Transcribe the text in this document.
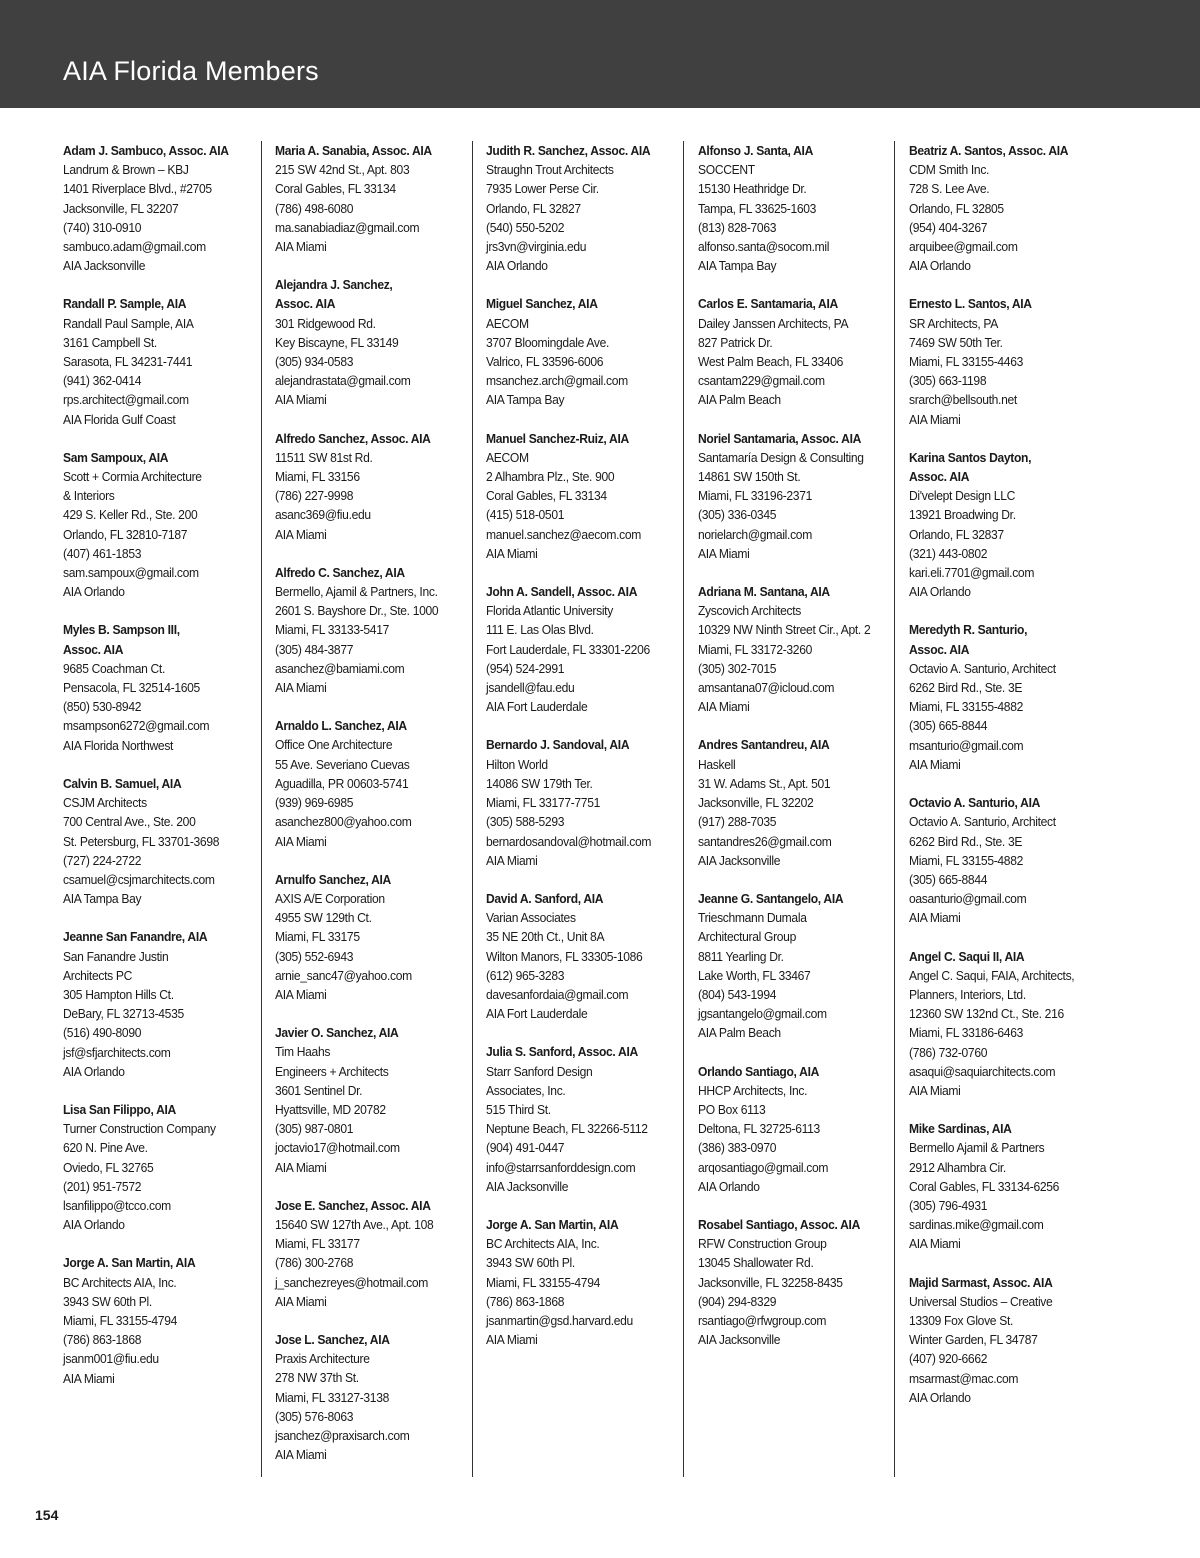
AIA Florida Members
Adam J. Sambuco, Assoc. AIA
Landrum & Brown – KBJ
1401 Riverplace Blvd., #2705
Jacksonville, FL 32207
(740) 310-0910
sambuco.adam@gmail.com
AIA Jacksonville
Randall P. Sample, AIA
Randall Paul Sample, AIA
3161 Campbell St.
Sarasota, FL 34231-7441
(941) 362-0414
rps.architect@gmail.com
AIA Florida Gulf Coast
Sam Sampoux, AIA
Scott + Cormia Architecture
& Interiors
429 S. Keller Rd., Ste. 200
Orlando, FL 32810-7187
(407) 461-1853
sam.sampoux@gmail.com
AIA Orlando
Myles B. Sampson III,
Assoc. AIA
9685 Coachman Ct.
Pensacola, FL 32514-1605
(850) 530-8942
msampson6272@gmail.com
AIA Florida Northwest
Calvin B. Samuel, AIA
CSJM Architects
700 Central Ave., Ste. 200
St. Petersburg, FL 33701-3698
(727) 224-2722
csamuel@csjmarchitects.com
AIA Tampa Bay
Jeanne San Fanandre, AIA
San Fanandre Justin
Architects PC
305 Hampton Hills Ct.
DeBary, FL 32713-4535
(516) 490-8090
jsf@sfjarchitects.com
AIA Orlando
Lisa San Filippo, AIA
Turner Construction Company
620 N. Pine Ave.
Oviedo, FL 32765
(201) 951-7572
lsanfilippo@tcco.com
AIA Orlando
Jorge A. San Martin, AIA
BC Architects AIA, Inc.
3943 SW 60th Pl.
Miami, FL 33155-4794
(786) 863-1868
jsanm001@fiu.edu
AIA Miami
Maria A. Sanabia, Assoc. AIA
215 SW 42nd St., Apt. 803
Coral Gables, FL 33134
(786) 498-6080
ma.sanabiadiaz@gmail.com
AIA Miami
Alejandra J. Sanchez,
Assoc. AIA
301 Ridgewood Rd.
Key Biscayne, FL 33149
(305) 934-0583
alejandrastata@gmail.com
AIA Miami
Alfredo Sanchez, Assoc. AIA
11511 SW 81st Rd.
Miami, FL 33156
(786) 227-9998
asanc369@fiu.edu
AIA Miami
Alfredo C. Sanchez, AIA
Bermello, Ajamil & Partners, Inc.
2601 S. Bayshore Dr., Ste. 1000
Miami, FL 33133-5417
(305) 484-3877
asanchez@bamiami.com
AIA Miami
Arnaldo L. Sanchez, AIA
Office One Architecture
55 Ave. Severiano Cuevas
Aguadilla, PR 00603-5741
(939) 969-6985
asanchez800@yahoo.com
AIA Miami
Arnulfo Sanchez, AIA
AXIS A/E Corporation
4955 SW 129th Ct.
Miami, FL 33175
(305) 552-6943
arnie_sanc47@yahoo.com
AIA Miami
Javier O. Sanchez, AIA
Tim Haahs
Engineers + Architects
3601 Sentinel Dr.
Hyattsville, MD 20782
(305) 987-0801
joctavio17@hotmail.com
AIA Miami
Jose E. Sanchez, Assoc. AIA
15640 SW 127th Ave., Apt. 108
Miami, FL 33177
(786) 300-2768
j_sanchezreyes@hotmail.com
AIA Miami
Jose L. Sanchez, AIA
Praxis Architecture
278 NW 37th St.
Miami, FL 33127-3138
(305) 576-8063
jsanchez@praxisarch.com
AIA Miami
Judith R. Sanchez, Assoc. AIA
Straughn Trout Architects
7935 Lower Perse Cir.
Orlando, FL 32827
(540) 550-5202
jrs3vn@virginia.edu
AIA Orlando
Miguel Sanchez, AIA
AECOM
3707 Bloomingdale Ave.
Valrico, FL 33596-6006
msanchez.arch@gmail.com
AIA Tampa Bay
Manuel Sanchez-Ruiz, AIA
AECOM
2 Alhambra Plz., Ste. 900
Coral Gables, FL 33134
(415) 518-0501
manuel.sanchez@aecom.com
AIA Miami
John A. Sandell, Assoc. AIA
Florida Atlantic University
111 E. Las Olas Blvd.
Fort Lauderdale, FL 33301-2206
(954) 524-2991
jsandell@fau.edu
AIA Fort Lauderdale
Bernardo J. Sandoval, AIA
Hilton World
14086 SW 179th Ter.
Miami, FL 33177-7751
(305) 588-5293
bernardosandoval@hotmail.com
AIA Miami
David A. Sanford, AIA
Varian Associates
35 NE 20th Ct., Unit 8A
Wilton Manors, FL 33305-1086
(612) 965-3283
davesanfordaia@gmail.com
AIA Fort Lauderdale
Julia S. Sanford, Assoc. AIA
Starr Sanford Design
Associates, Inc.
515 Third St.
Neptune Beach, FL 32266-5112
(904) 491-0447
info@starrsanforddesign.com
AIA Jacksonville
Jorge A. San Martin, AIA
BC Architects AIA, Inc.
3943 SW 60th Pl.
Miami, FL 33155-4794
(786) 863-1868
jsanmartin@gsd.harvard.edu
AIA Miami
Alfonso J. Santa, AIA
SOCCENT
15130 Heathridge Dr.
Tampa, FL 33625-1603
(813) 828-7063
alfonso.santa@socom.mil
AIA Tampa Bay
Carlos E. Santamaria, AIA
Dailey Janssen Architects, PA
827 Patrick Dr.
West Palm Beach, FL 33406
csantam229@gmail.com
AIA Palm Beach
Noriel Santamaria, Assoc. AIA
Santamaría Design & Consulting
14861 SW 150th St.
Miami, FL 33196-2371
(305) 336-0345
norielarch@gmail.com
AIA Miami
Adriana M. Santana, AIA
Zyscovich Architects
10329 NW Ninth Street Cir., Apt. 2
Miami, FL 33172-3260
(305) 302-7015
amsantana07@icloud.com
AIA Miami
Andres Santandreu, AIA
Haskell
31 W. Adams St., Apt. 501
Jacksonville, FL 32202
(917) 288-7035
santandres26@gmail.com
AIA Jacksonville
Jeanne G. Santangelo, AIA
Trieschmann Dumala
Architectural Group
8811 Yearling Dr.
Lake Worth, FL 33467
(804) 543-1994
jgsantangelo@gmail.com
AIA Palm Beach
Orlando Santiago, AIA
HHCP Architects, Inc.
PO Box 6113
Deltona, FL 32725-6113
(386) 383-0970
arqosantiago@gmail.com
AIA Orlando
Rosabel Santiago, Assoc. AIA
RFW Construction Group
13045 Shallowater Rd.
Jacksonville, FL 32258-8435
(904) 294-8329
rsantiago@rfwgroup.com
AIA Jacksonville
Beatriz A. Santos, Assoc. AIA
CDM Smith Inc.
728 S. Lee Ave.
Orlando, FL 32805
(954) 404-3267
arquibee@gmail.com
AIA Orlando
Ernesto L. Santos, AIA
SR Architects, PA
7469 SW 50th Ter.
Miami, FL 33155-4463
(305) 663-1198
srarch@bellsouth.net
AIA Miami
Karina Santos Dayton,
Assoc. AIA
Di'velept Design LLC
13921 Broadwing Dr.
Orlando, FL 32837
(321) 443-0802
kari.eli.7701@gmail.com
AIA Orlando
Meredyth R. Santurio,
Assoc. AIA
Octavio A. Santurio, Architect
6262 Bird Rd., Ste. 3E
Miami, FL 33155-4882
(305) 665-8844
msanturio@gmail.com
AIA Miami
Octavio A. Santurio, AIA
Octavio A. Santurio, Architect
6262 Bird Rd., Ste. 3E
Miami, FL 33155-4882
(305) 665-8844
oasanturio@gmail.com
AIA Miami
Angel C. Saqui II, AIA
Angel C. Saqui, FAIA, Architects,
Planners, Interiors, Ltd.
12360 SW 132nd Ct., Ste. 216
Miami, FL 33186-6463
(786) 732-0760
asaqui@saquiarchitects.com
AIA Miami
Mike Sardinas, AIA
Bermello Ajamil & Partners
2912 Alhambra Cir.
Coral Gables, FL 33134-6256
(305) 796-4931
sardinas.mike@gmail.com
AIA Miami
Majid Sarmast, Assoc. AIA
Universal Studios – Creative
13309 Fox Glove St.
Winter Garden, FL 34787
(407) 920-6662
msarmast@mac.com
AIA Orlando
154
